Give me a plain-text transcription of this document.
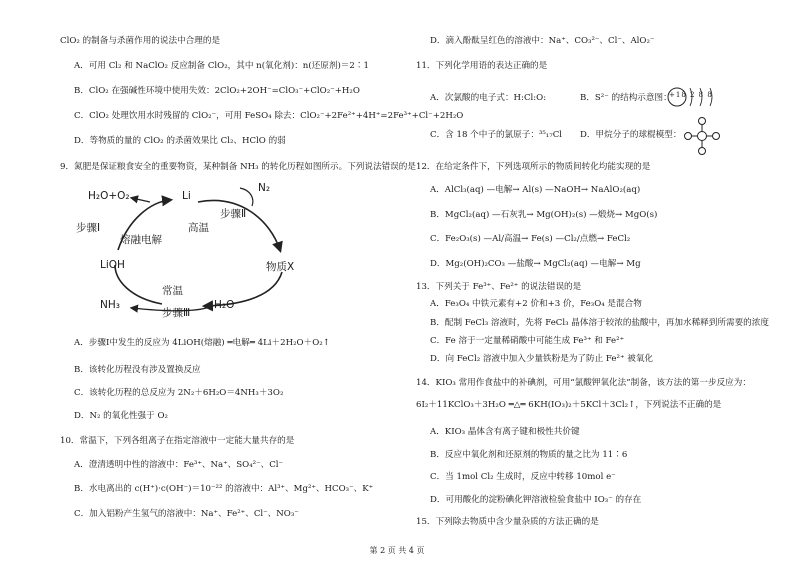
ClO₂ 的制备与杀菌作用的说法中合理的是
A．可用 Cl₂ 和 NaClO₂ 反应制备 ClO₂，其中 n(氧化剂)：n(还原剂)＝2∶1
B．ClO₂ 在强碱性环境中使用失效：2ClO₂+2OH⁻=ClO₃⁻+ClO₂⁻+H₂O
C．ClO₂ 处理饮用水时残留的 ClO₂⁻，可用 FeSO₄ 除去：ClO₂⁻+2Fe²⁺+4H⁺=2Fe³⁺+Cl⁻+2H₂O
D．等物质的量的 ClO₂ 的杀菌效果比 Cl₂、HClO 的弱
9．氮肥是保证粮食安全的重要物资，某种制备 NH₃ 的转化历程如图所示。下列说法错误的是
H₂O+O₂	Li
N₂
步骤Ⅰ
步骤Ⅱ
熔融电解
高温
LiOH	物质X
常温
NH₃	H₂O
步骤Ⅲ
A．步骤Ⅰ中发生的反应为 4LiOH(熔融) ═电解═ 4Li＋2H₂O＋O₂↑
B．该转化历程没有涉及置换反应
C．该转化历程的总反应为 2N₂＋6H₂O＝4NH₃＋3O₂
D．N₂ 的氧化性强于 O₂
10．常温下，下列各组离子在指定溶液中一定能大量共存的是
A．澄清透明中性的溶液中：Fe³⁺、Na⁺、SO₄²⁻、Cl⁻
B．水电离出的 c(H⁺)·c(OH⁻)＝10⁻²² 的溶液中：Al³⁺、Mg²⁺、HCO₃⁻、K⁺
C．加入铝粉产生氢气的溶液中：Na⁺、Fe²⁺、Cl⁻、NO₃⁻
D．滴入酚酞呈红色的溶液中：Na⁺、CO₃²⁻、Cl⁻、AlO₂⁻
11．下列化学用语的表达正确的是
A．次氯酸的电子式：H:Cl:O:	B．S²⁻ 的结构示意图：
+18 2 8 8
C．含 18 个中子的氯原子：³⁵₁₇Cl D．甲烷分子的球棍模型：
12．在给定条件下，下列选项所示的物质间转化均能实现的是
A．AlCl₃(aq) —电解→ Al(s) —NaOH→ NaAlO₂(aq)
B．MgCl₂(aq) —石灰乳→ Mg(OH)₂(s) —煅烧→ MgO(s)
C．Fe₂O₃(s) —Al/高温→ Fe(s) —Cl₂/点燃→ FeCl₂
D．Mg₂(OH)₂CO₃ —盐酸→ MgCl₂(aq) —电解→ Mg
13．下列关于 Fe³⁺、Fe²⁺ 的说法错误的是
A．Fe₃O₄ 中铁元素有+2 价和+3 价，Fe₃O₄ 是混合物
B．配制 FeCl₃ 溶液时，先将 FeCl₃ 晶体溶于较浓的盐酸中，再加水稀释到所需要的浓度
C．Fe 溶于一定量稀硝酸中可能生成 Fe³⁺ 和 Fe²⁺
D．向 FeCl₂ 溶液中加入少量铁粉是为了防止 Fe²⁺ 被氧化
14．KIO₃ 常用作食盐中的补碘剂，可用“氯酸钾氧化法”制备，该方法的第一步反应为：
6I₂＋11KClO₃＋3H₂O ═△═ 6KH(IO₃)₂＋5KCl＋3Cl₂↑，下列说法不正确的是
A．KIO₃ 晶体含有离子键和极性共价键
B．反应中氧化剂和还原剂的物质的量之比为 11∶6
C．当 1mol Cl₂ 生成时，反应中转移 10mol e⁻
D．可用酸化的淀粉碘化钾溶液检验食盐中 IO₃⁻ 的存在
15．下列除去物质中含少量杂质的方法正确的是
第 2 页 共 4 页
